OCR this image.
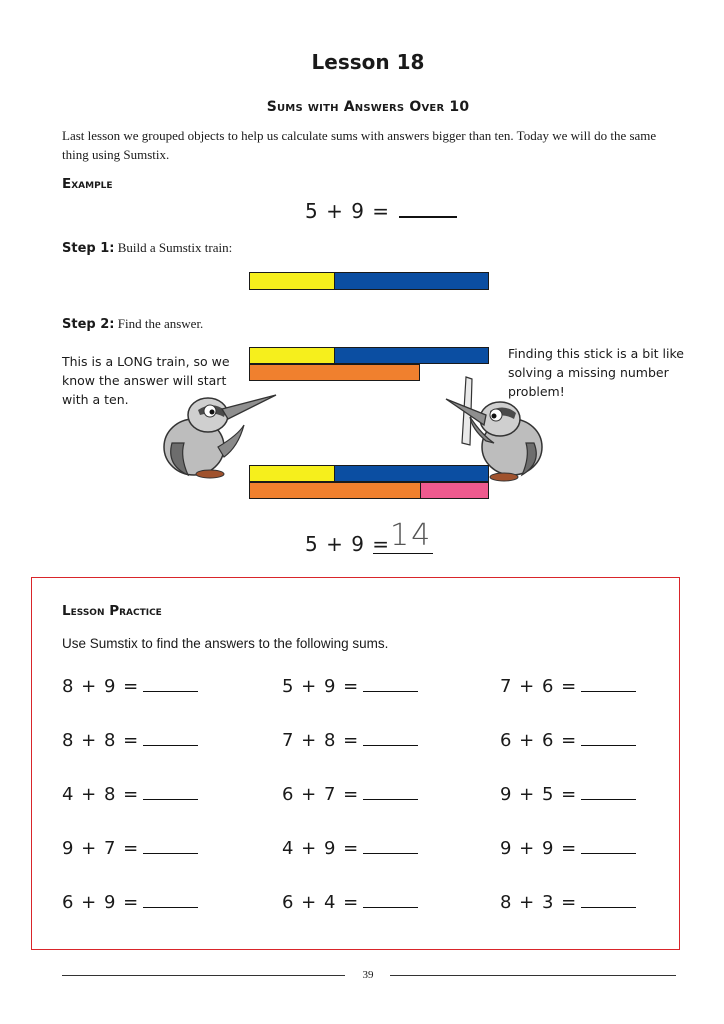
Lesson 18
Sums with Answers Over 10
Last lesson we grouped objects to help us calculate sums with answers bigger than ten. Today we will do the same thing using Sumstix.
Example
5 + 9 =
Step 1: Build a Sumstix train:
Step 2: Find the answer.
This is a LONG train, so we know the answer will start with a ten.
Finding this stick is a bit like solving a missing number problem!
5 + 9 = 14
Lesson Practice
Use Sumstix to find the answers to the following sums.
8 + 9 =	5 + 9 =	7 + 6 =
8 + 8 =	7 + 8 =	6 + 6 =
4 + 8 =	6 + 7 =	9 + 5 =
9 + 7 =	4 + 9 =	9 + 9 =
6 + 9 =	6 + 4 =	8 + 3 =
39
